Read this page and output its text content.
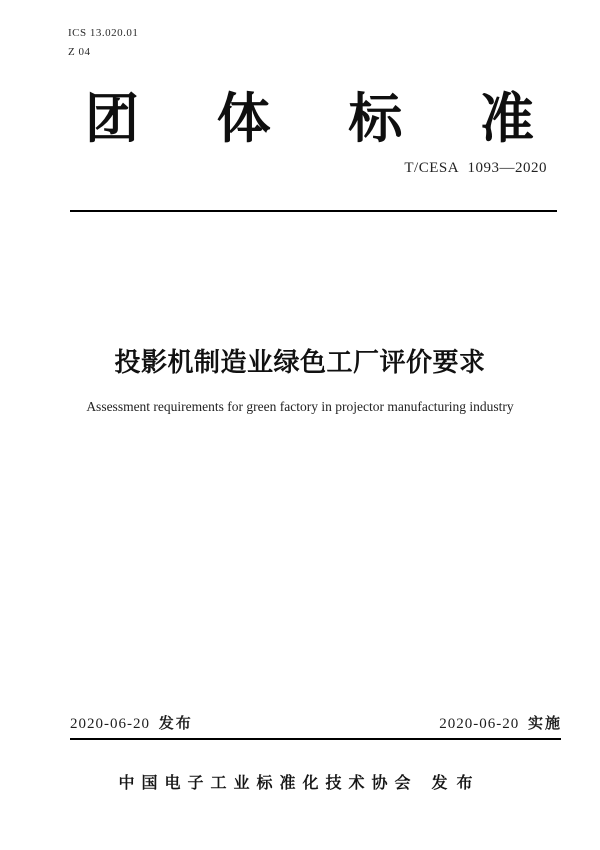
ICS 13.020.01
Z 04
团 体 标 准
T/CESA 1093—2020
投影机制造业绿色工厂评价要求
Assessment requirements for green factory in projector manufacturing industry
2020-06-20 发布	2020-06-20 实施
中国电子工业标准化技术协会 发布
